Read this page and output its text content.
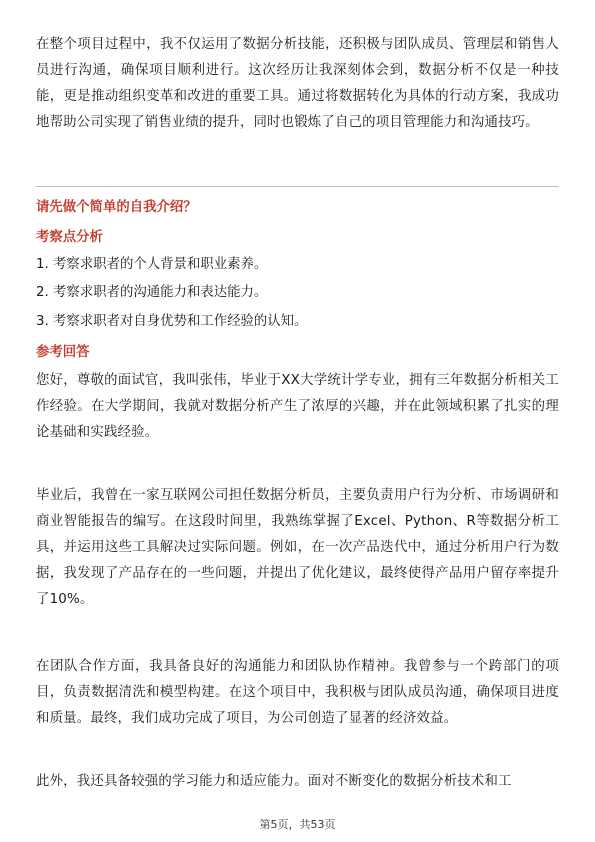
在整个项目过程中，我不仅运用了数据分析技能，还积极与团队成员、管理层和销售人员进行沟通，确保项目顺利进行。这次经历让我深刻体会到，数据分析不仅是一种技能，更是推动组织变革和改进的重要工具。通过将数据转化为具体的行动方案，我成功地帮助公司实现了销售业绩的提升，同时也锻炼了自己的项目管理能力和沟通技巧。

请先做个简单的自我介绍？
考察点分析
1. 考察求职者的个人背景和职业素养。
2. 考察求职者的沟通能力和表达能力。
3. 考察求职者对自身优势和工作经验的认知。
参考回答

您好，尊敬的面试官，我叫张伟，毕业于XX大学统计学专业，拥有三年数据分析相关工作经验。在大学期间，我就对数据分析产生了浓厚的兴趣，并在此领域积累了扎实的理论基础和实践经验。

毕业后，我曾在一家互联网公司担任数据分析员，主要负责用户行为分析、市场调研和商业智能报告的编写。在这段时间里，我熟练掌握了Excel、Python、R等数据分析工具，并运用这些工具解决过实际问题。例如，在一次产品迭代中，通过分析用户行为数据，我发现了产品存在的一些问题，并提出了优化建议，最终使得产品用户留存率提升了10%。

在团队合作方面，我具备良好的沟通能力和团队协作精神。我曾参与一个跨部门的项目，负责数据清洗和模型构建。在这个项目中，我积极与团队成员沟通，确保项目进度和质量。最终，我们成功完成了项目，为公司创造了显著的经济效益。

此外，我还具备较强的学习能力和适应能力。面对不断变化的数据分析技术和工

第5页，共53页
